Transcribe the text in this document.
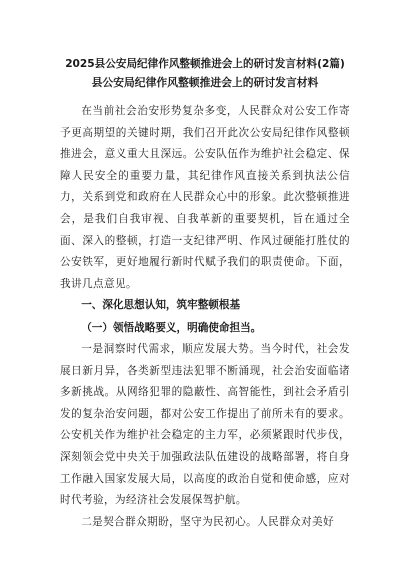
2025县公安局纪律作风整顿推进会上的研讨发言材料(2篇)
县公安局纪律作风整顿推进会上的研讨发言材料

在当前社会治安形势复杂多变，人民群众对公安工作寄予更高期望的关键时期，我们召开此次公安局纪律作风整顿推进会，意义重大且深远。公安队伍作为维护社会稳定、保障人民安全的重要力量，其纪律作风直接关系到执法公信力，关系到党和政府在人民群众心中的形象。此次整顿推进会，是我们自我审视、自我革新的重要契机，旨在通过全面、深入的整顿，打造一支纪律严明、作风过硬能打胜仗的公安铁军，更好地履行新时代赋予我们的职责使命。下面，我讲几点意见。

一、深化思想认知，筑牢整顿根基

（一）领悟战略要义，明确使命担当。

一是洞察时代需求，顺应发展大势。当今时代，社会发展日新月异，各类新型违法犯罪不断涌现，社会治安面临诸多新挑战。从网络犯罪的隐蔽性、高智能性，到社会矛盾引发的复杂治安问题，都对公安工作提出了前所未有的要求。公安机关作为维护社会稳定的主力军，必须紧跟时代步伐，深刻领会党中央关于加强政法队伍建设的战略部署，将自身工作融入国家发展大局，以高度的政治自觉和使命感，应对时代考验，为经济社会发展保驾护航。

二是契合群众期盼，坚守为民初心。人民群众对美好
